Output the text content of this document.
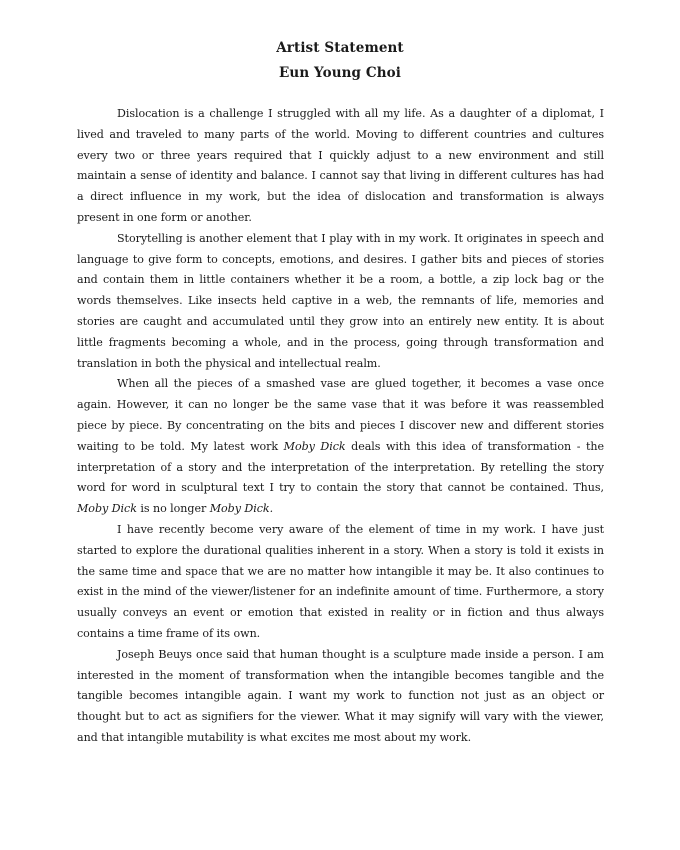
Artist Statement
Eun Young Choi

Dislocation is a challenge I struggled with all my life. As a daughter of a diplomat, I lived and traveled to many parts of the world. Moving to different countries and cultures every two or three years required that I quickly adjust to a new environment and still maintain a sense of identity and balance. I cannot say that living in different cultures has had a direct influence in my work, but the idea of dislocation and transformation is always present in one form or another.

Storytelling is another element that I play with in my work. It originates in speech and language to give form to concepts, emotions, and desires. I gather bits and pieces of stories and contain them in little containers whether it be a room, a bottle, a zip lock bag or the words themselves. Like insects held captive in a web, the remnants of life, memories and stories are caught and accumulated until they grow into an entirely new entity. It is about little fragments becoming a whole, and in the process, going through transformation and translation in both the physical and intellectual realm.

When all the pieces of a smashed vase are glued together, it becomes a vase once again. However, it can no longer be the same vase that it was before it was reassembled piece by piece. By concentrating on the bits and pieces I discover new and different stories waiting to be told. My latest work Moby Dick deals with this idea of transformation - the interpretation of a story and the interpretation of the interpretation. By retelling the story word for word in sculptural text I try to contain the story that cannot be contained. Thus, Moby Dick is no longer Moby Dick.

I have recently become very aware of the element of time in my work. I have just started to explore the durational qualities inherent in a story. When a story is told it exists in the same time and space that we are no matter how intangible it may be. It also continues to exist in the mind of the viewer/listener for an indefinite amount of time. Furthermore, a story usually conveys an event or emotion that existed in reality or in fiction and thus always contains a time frame of its own.

Joseph Beuys once said that human thought is a sculpture made inside a person. I am interested in the moment of transformation when the intangible becomes tangible and the tangible becomes intangible again. I want my work to function not just as an object or thought but to act as signifiers for the viewer. What it may signify will vary with the viewer, and that intangible mutability is what excites me most about my work.
